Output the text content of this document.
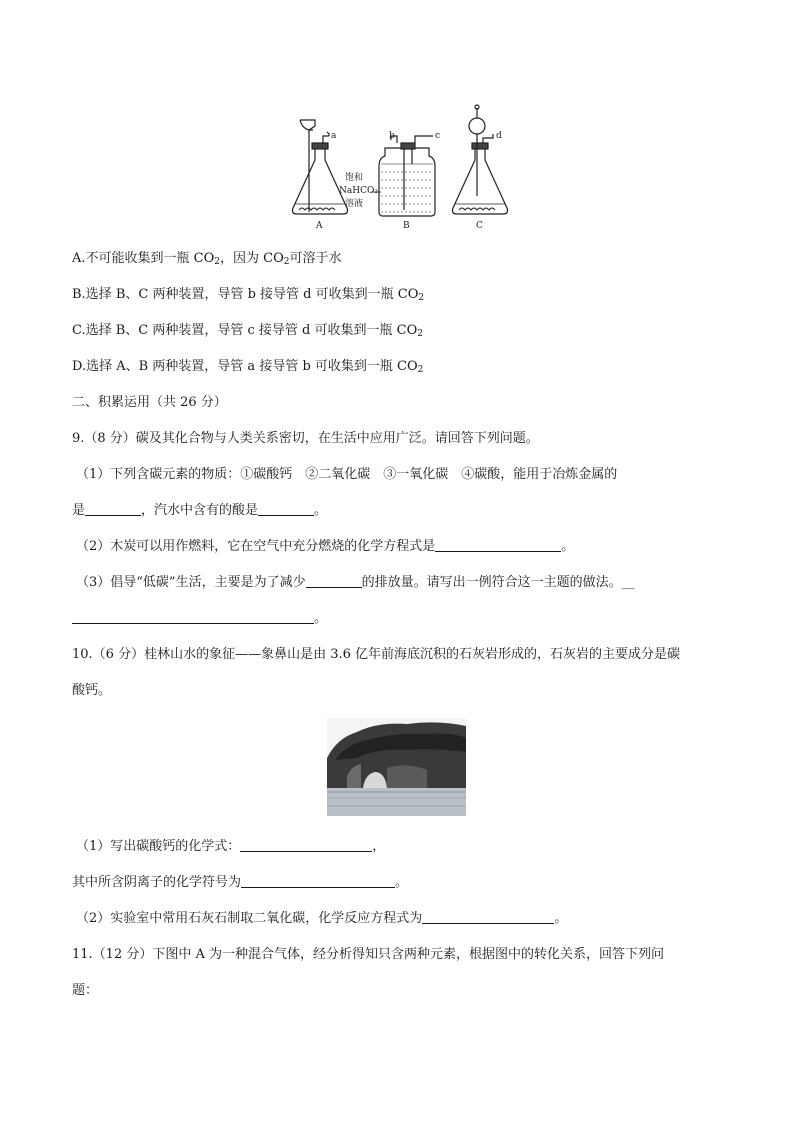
a	b	c	d
A	B	C
饱和
NaHCO₃
溶液
A.不可能收集到一瓶 $CO_2$，因为 $CO_2$可溶于水
B.选择 B、C 两种装置，导管 b 接导管 d 可收集到一瓶 $CO_2$
C.选择 B、C 两种装置，导管 c 接导管 d 可收集到一瓶 $CO_2$
D.选择 A、B 两种装置，导管 a 接导管 b 可收集到一瓶 $CO_2$
二、积累运用（共 26 分）
9.（8 分）碳及其化合物与人类关系密切，在生活中应用广泛。请回答下列问题。
（1）下列含碳元素的物质：①碳酸钙　②二氧化碳　③一氧化碳　④碳酸，能用于冶炼金属的
是	，汽水中含有的酸是	。
（2）木炭可以用作燃料，它在空气中充分燃烧的化学方程式是	。
（3）倡导“低碳”生活，主要是为了减少	的排放量。请写出一例符合这一主题的做法。__
。
10.（6 分）桂林山水的象征——象鼻山是由 3.6 亿年前海底沉积的石灰岩形成的，石灰岩的主要成分是碳
酸钙。
（1）写出碳酸钙的化学式：	，
其中所含阴离子的化学符号为	。
（2）实验室中常用石灰石制取二氧化碳，化学反应方程式为	。
11.（12 分）下图中 A 为一种混合气体，经分析得知只含两种元素，根据图中的转化关系，回答下列问
题：
